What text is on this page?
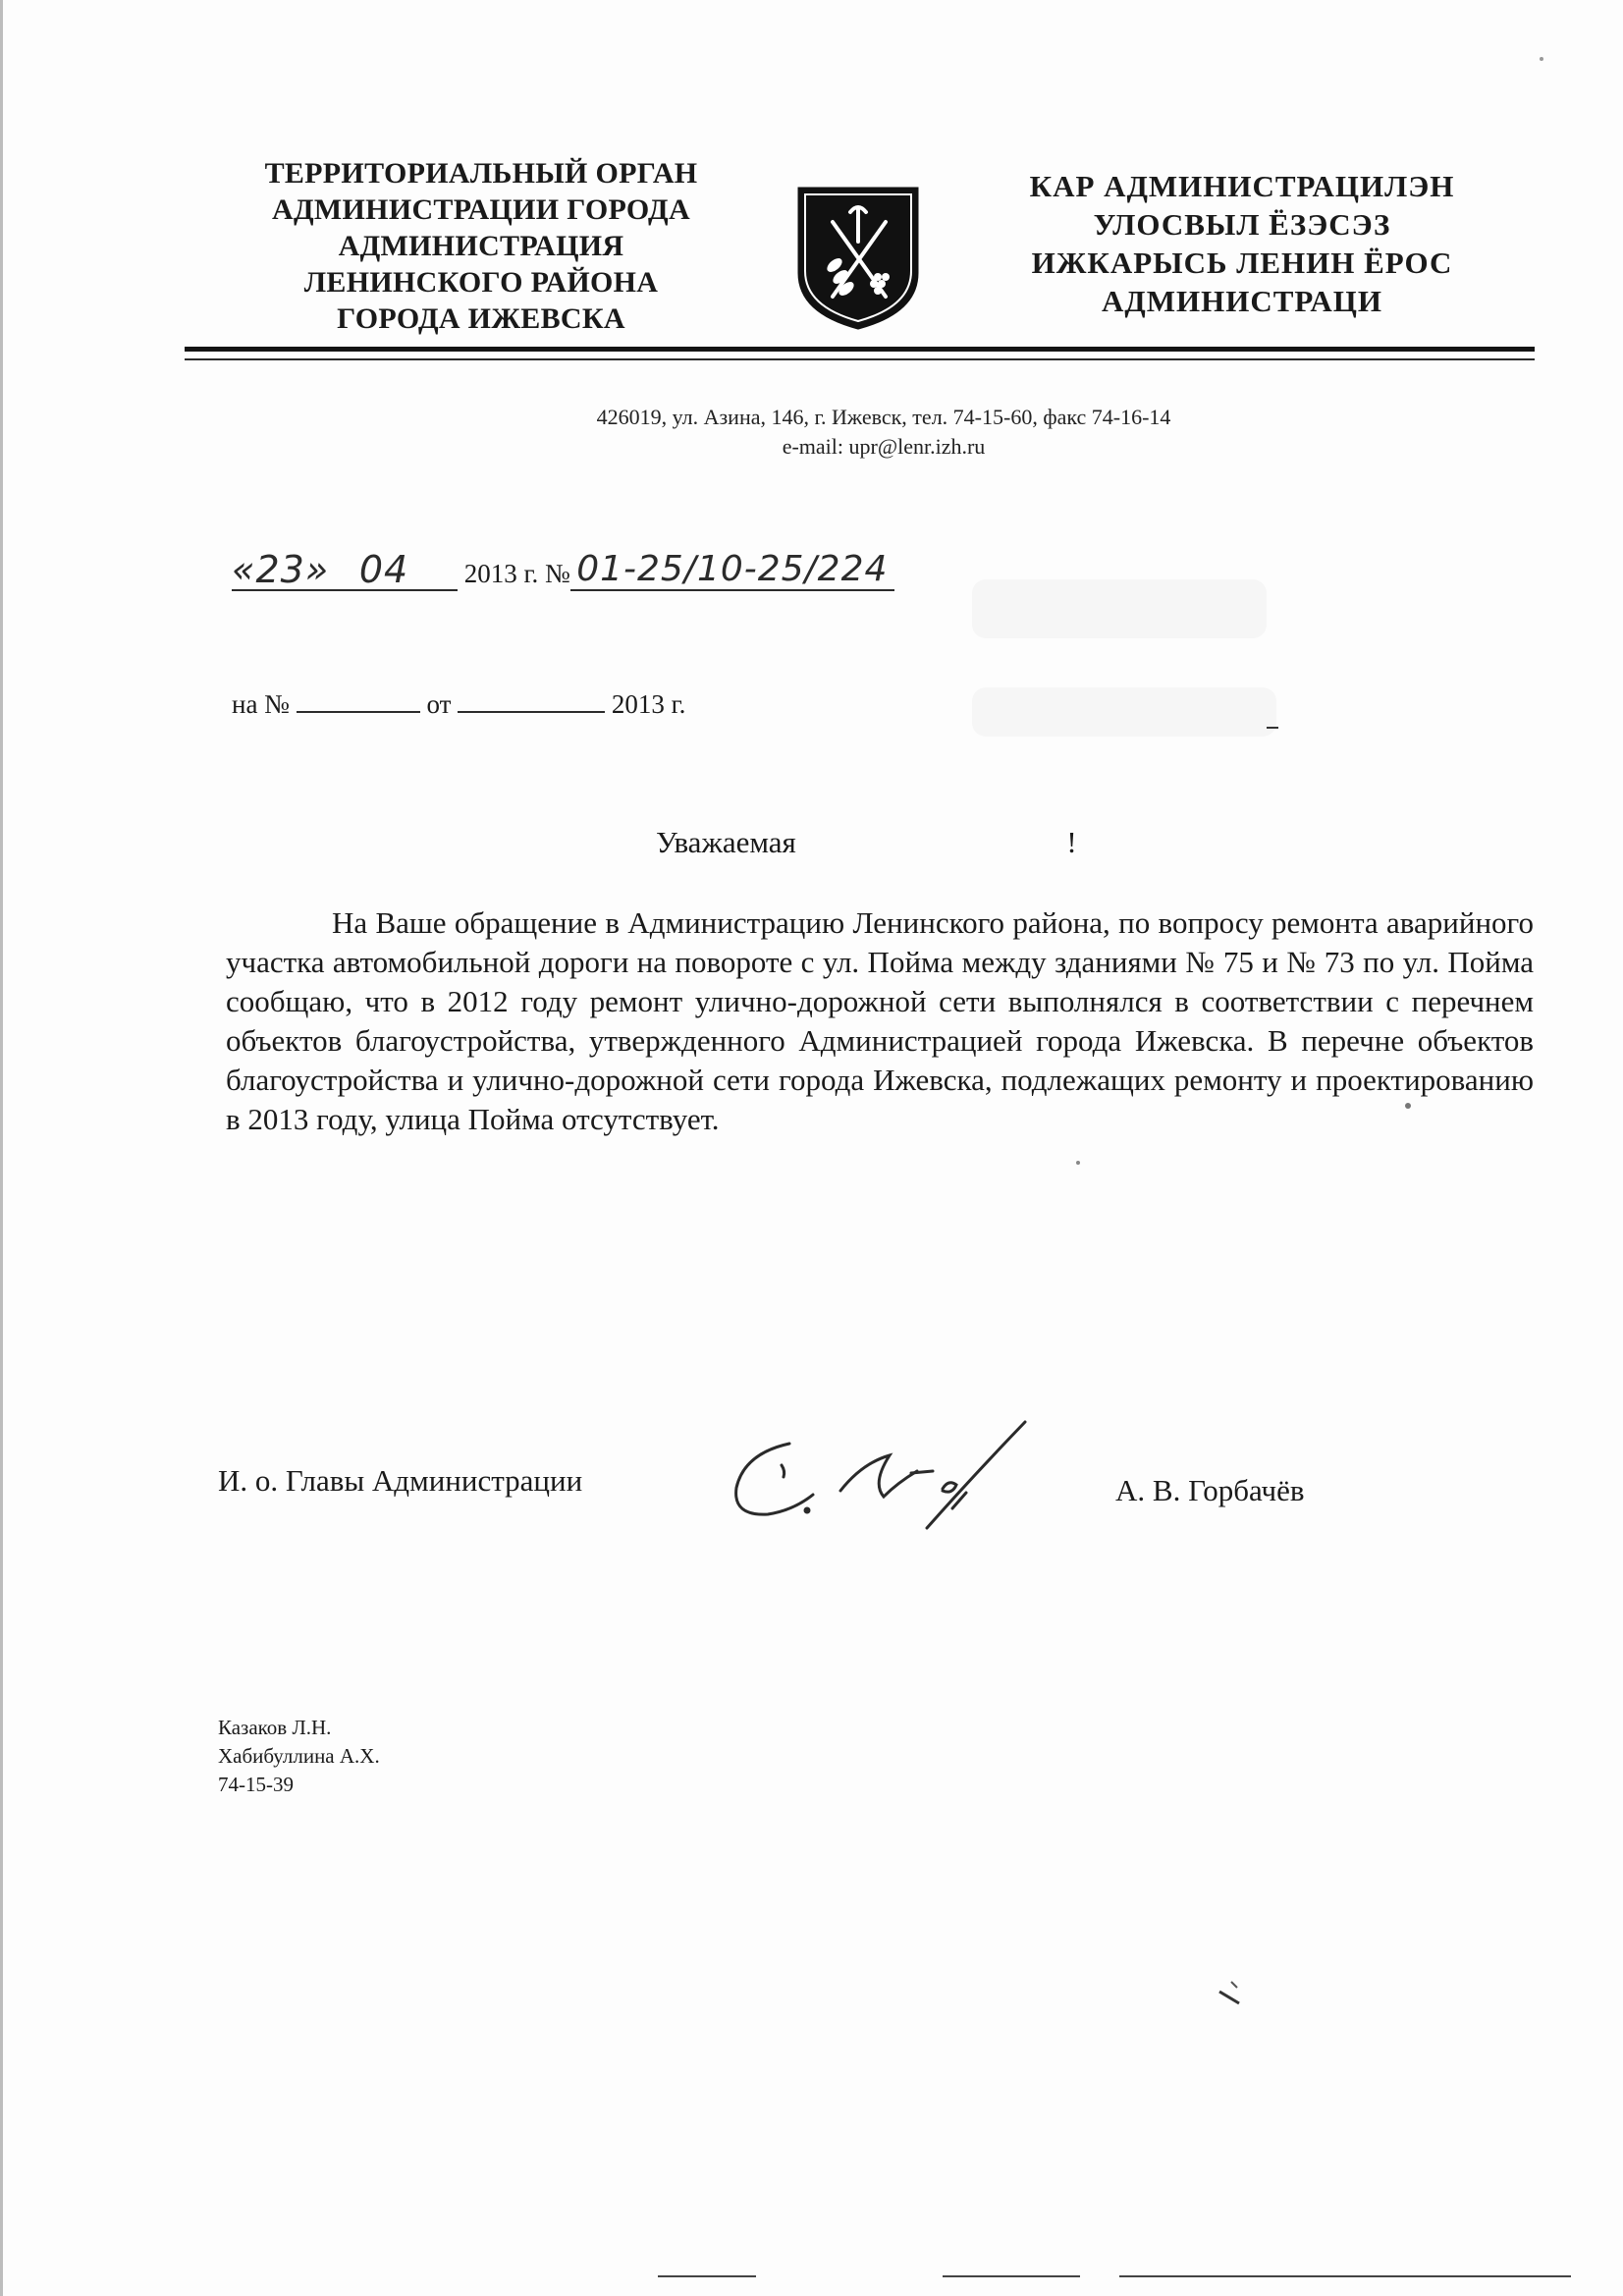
ТЕРРИТОРИАЛЬНЫЙ ОРГАН
АДМИНИСТРАЦИИ ГОРОДА
АДМИНИСТРАЦИЯ
ЛЕНИНСКОГО РАЙОНА
ГОРОДА ИЖЕВСКА
КАР АДМИНИСТРАЦИЛЭН
УЛОСВЫЛ ЁЗЭСЭЗ
ИЖКАРЫСЬ ЛЕНИН ЁРОС
АДМИНИСТРАЦИ
426019, ул. Азина, 146, г. Ижевск, тел. 74-15-60, факс 74-16-14
e-mail: upr@lenr.izh.ru
«23» 04 2013 г. № 01-25/10-25/224
на №	от	2013 г.
Уважаемая	!
На Ваше обращение в Администрацию Ленинского района, по вопросу ремонта аварийного участка автомобильной дороги на повороте с ул. Пойма между зданиями № 75 и № 73 по ул. Пойма сообщаю, что в 2012 году ремонт улично-дорожной сети выполнялся в соответствии с перечнем объектов благоустройства, утвержденного Администрацией города Ижевска. В перечне объектов благоустройства и улично-дорожной сети города Ижевска, подлежащих ремонту и проектированию в 2013 году, улица Пойма отсутствует.
И. о. Главы Администрации	А. В. Горбачёв
Казаков Л.Н.
Хабибуллина А.Х.
74-15-39
